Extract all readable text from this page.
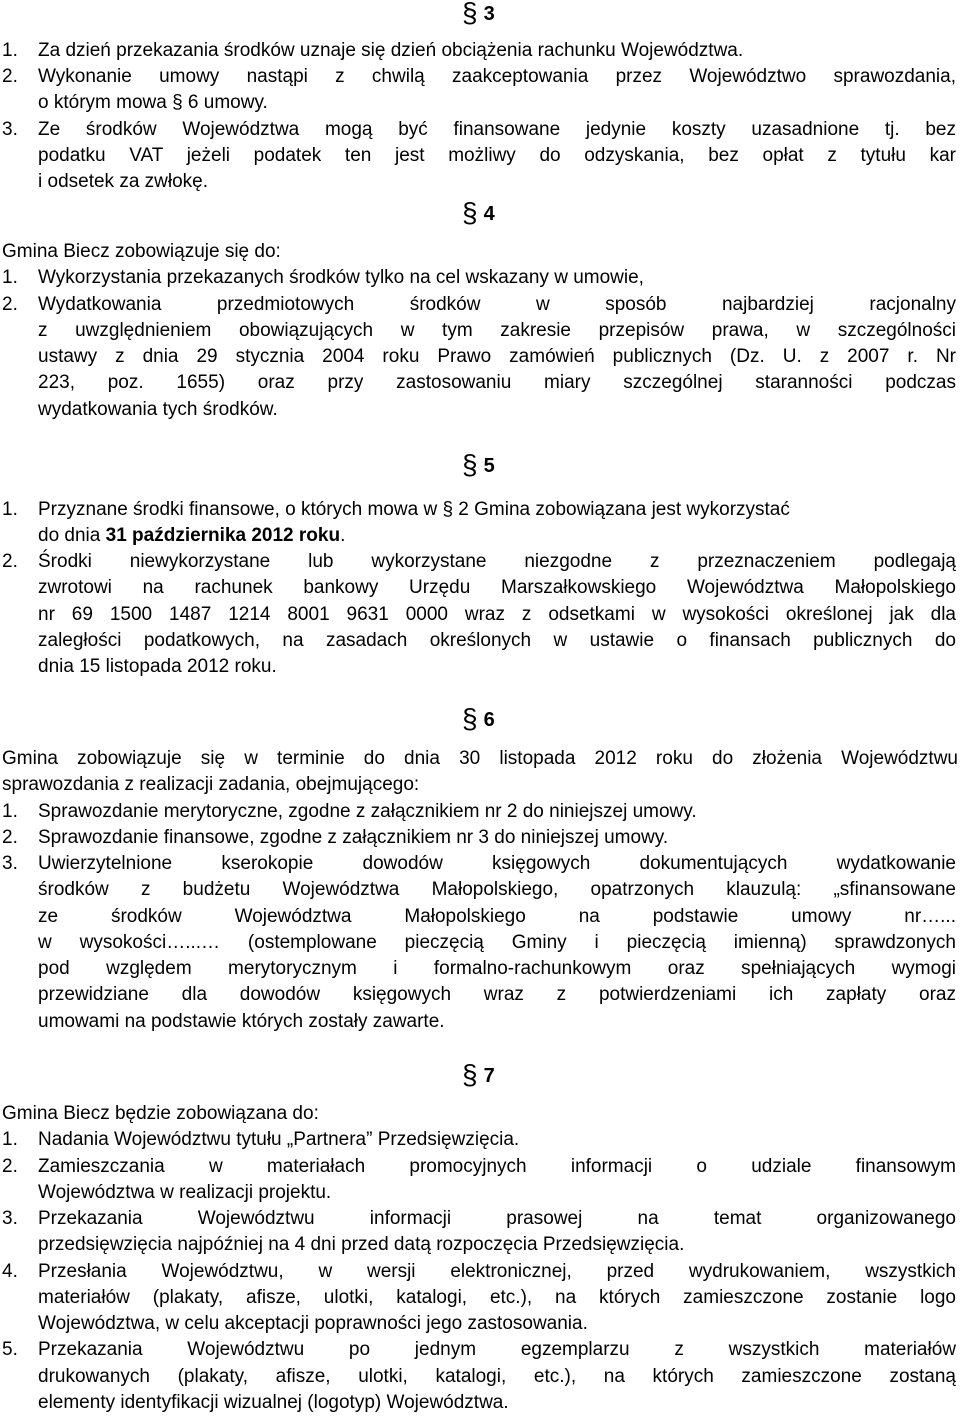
§ 3
1. Za dzień przekazania środków uznaje się dzień obciążenia rachunku Województwa.
2. Wykonanie umowy nastąpi z chwilą zaakceptowania przez Województwo sprawozdania,
o którym mowa § 6 umowy.
3. Ze środków Województwa mogą być finansowane jedynie koszty uzasadnione tj. bez
podatku VAT jeżeli podatek ten jest możliwy do odzyskania, bez opłat z tytułu kar
i odsetek za zwłokę.
§ 4
Gmina Biecz zobowiązuje się do:
1. Wykorzystania przekazanych środków tylko na cel wskazany w umowie,
2. Wydatkowania przedmiotowych środków w sposób najbardziej racjonalny
z uwzględnieniem obowiązujących w tym zakresie przepisów prawa, w szczególności
ustawy z dnia 29 stycznia 2004 roku Prawo zamówień publicznych (Dz. U. z 2007 r. Nr
223, poz. 1655) oraz przy zastosowaniu miary szczególnej staranności podczas
wydatkowania tych środków.
§ 5
1. Przyznane środki finansowe, o których mowa w § 2 Gmina zobowiązana jest wykorzystać
do dnia 31 października 2012 roku.
2. Środki niewykorzystane lub wykorzystane niezgodne z przeznaczeniem podlegają
zwrotowi na rachunek bankowy Urzędu Marszałkowskiego Województwa Małopolskiego
nr 69 1500 1487 1214 8001 9631 0000 wraz z odsetkami w wysokości określonej jak dla
zaległości podatkowych, na zasadach określonych w ustawie o finansach publicznych do
dnia 15 listopada 2012 roku.
§ 6
Gmina zobowiązuje się w terminie do dnia 30 listopada 2012 roku do złożenia Województwu
sprawozdania z realizacji zadania, obejmującego:
1. Sprawozdanie merytoryczne, zgodne z załącznikiem nr 2 do niniejszej umowy.
2. Sprawozdanie finansowe, zgodne z załącznikiem nr 3 do niniejszej umowy.
3. Uwierzytelnione kserokopie dowodów księgowych dokumentujących wydatkowanie
środków z budżetu Województwa Małopolskiego, opatrzonych klauzulą: „sfinansowane
ze środków Województwa Małopolskiego na podstawie umowy nr…...
w wysokości…...… (ostemplowane pieczęcią Gminy i pieczęcią imienną) sprawdzonych
pod względem merytorycznym i formalno-rachunkowym oraz spełniających wymogi
przewidziane dla dowodów księgowych wraz z potwierdzeniami ich zapłaty oraz
umowami na podstawie których zostały zawarte.
§ 7
Gmina Biecz będzie zobowiązana do:
1. Nadania Województwu tytułu „Partnera” Przedsięwzięcia.
2. Zamieszczania w materiałach promocyjnych informacji o udziale finansowym
Województwa w realizacji projektu.
3. Przekazania Województwu informacji prasowej na temat organizowanego
przedsięwzięcia najpóźniej na 4 dni przed datą rozpoczęcia Przedsięwzięcia.
4. Przesłania Województwu, w wersji elektronicznej, przed wydrukowaniem, wszystkich
materiałów (plakaty, afisze, ulotki, katalogi, etc.), na których zamieszczone zostanie logo
Województwa, w celu akceptacji poprawności jego zastosowania.
5. Przekazania Województwu po jednym egzemplarzu z wszystkich materiałów
drukowanych (plakaty, afisze, ulotki, katalogi, etc.), na których zamieszczone zostaną
elementy identyfikacji wizualnej (logotyp) Województwa.
